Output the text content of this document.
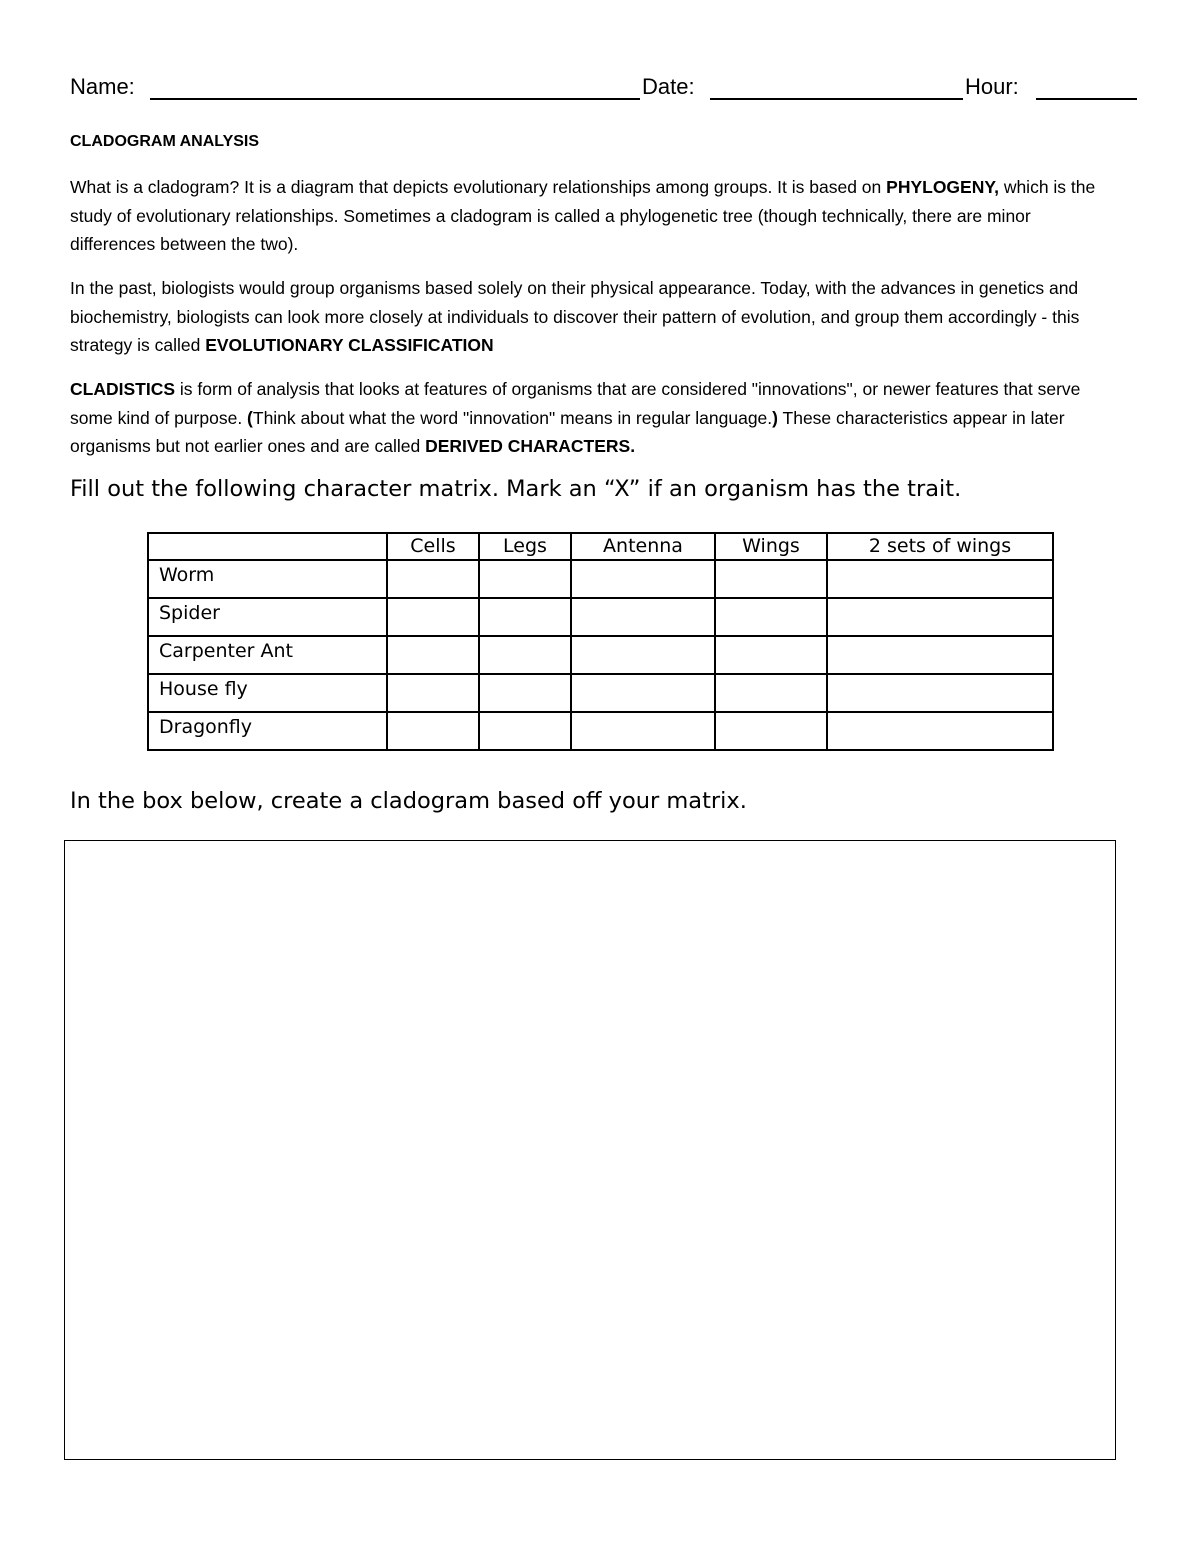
Name:	Date:	Hour:
CLADOGRAM ANALYSIS

What is a cladogram? It is a diagram that depicts evolutionary relationships among groups. It is based on PHYLOGENY, which is the study of evolutionary relationships. Sometimes a cladogram is called a phylogenetic tree (though technically, there are minor differences between the two).

In the past, biologists would group organisms based solely on their physical appearance. Today, with the advances in genetics and biochemistry, biologists can look more closely at individuals to discover their pattern of evolution, and group them accordingly - this strategy is called EVOLUTIONARY CLASSIFICATION

CLADISTICS is form of analysis that looks at features of organisms that are considered "innovations", or newer features that serve some kind of purpose. (Think about what the word "innovation" means in regular language.) These characteristics appear in later organisms but not earlier ones and are called DERIVED CHARACTERS.

Fill out the following character matrix. Mark an “X” if an organism has the trait.
	Cells	Legs	Antenna	Wings	2 sets of wings
Worm					
Spider					
Carpenter Ant					
House fly					
Dragonfly					
In the box below, create a cladogram based off your matrix.
